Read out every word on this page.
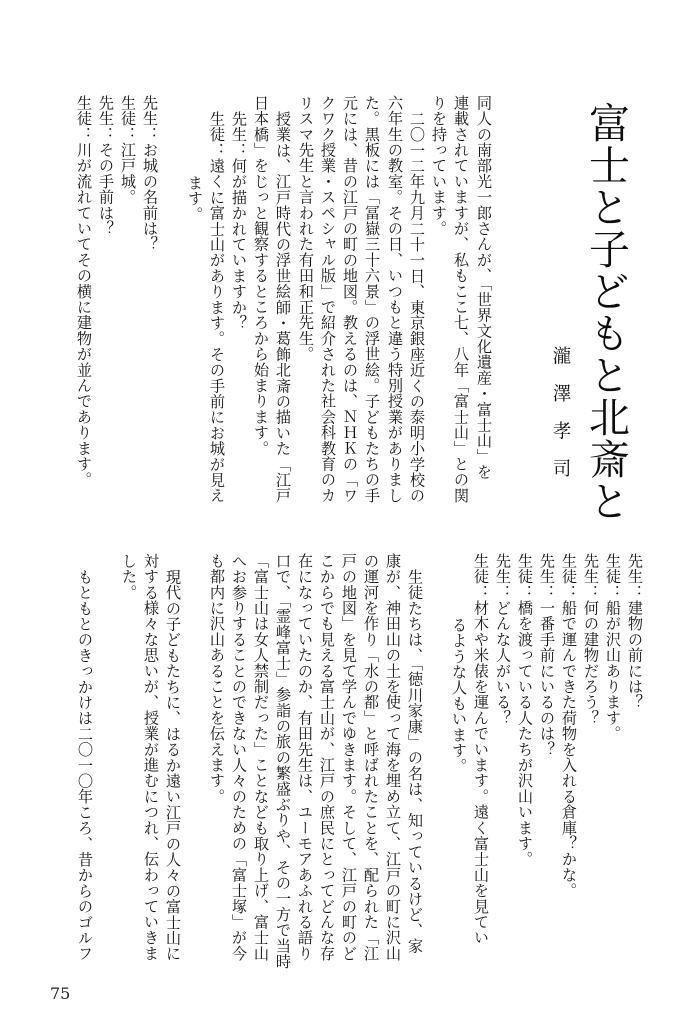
富士と子どもと北斎と
瀧澤孝司
同人の南部光一郎さんが、「世界文化遺産・富士山」を
連載されていますが、私もここ七、八年「富士山」との関
りを持っています。
二〇一二年九月二十一日、東京銀座近くの泰明小学校の
六年生の教室。その日、いつもと違う特別授業がありまし
た。黒板には「冨嶽三十六景」の浮世絵。子どもたちの手
元には、昔の江戸の町の地図。教えるのは、ＮＨＫの「ワ
クワク授業・スペシャル版」で紹介された社会科教育のカ
リスマ先生と言われた有田和正先生。
授業は、江戸時代の浮世絵師・葛飾北斎の描いた「江戸
日本橋」をじっと観察するところから始まります。
先生：何が描かれていますか？
生徒：遠くに富士山があります。その手前にお城が見え
ます。
先生：お城の名前は？
生徒：江戸城。
先生：その手前は？
生徒：川が流れていてその横に建物が並んであります。
先生：建物の前には？
生徒：船が沢山あります。
先生：何の建物だろう？
生徒：船で運んできた荷物を入れる倉庫？かな。
先生：一番手前にいるのは？
生徒：橋を渡っている人たちが沢山います。
先生：どんな人がいる？
生徒：材木や米俵を運んでいます。遠く富士山を見てい
るような人もいます。
生徒たちは、「徳川家康」の名は、知っているけど、家
康が、神田山の土を使って海を埋め立て、江戸の町に沢山
の運河を作り「水の都」と呼ばれたことを、配られた「江
戸の地図」を見て学んでゆきます。そして、江戸の町のど
こからでも見える富士山が、江戸の庶民にとってどんな存
在になっていたのか、有田先生は、ユーモアあふれる語り
口で、「霊峰富士」参詣の旅の繁盛ぶりや、その一方で当時
「富士山は女人禁制だった」ことなども取り上げ、富士山
へお参りすることのできない人々のための「富士塚」が今
も都内に沢山あることを伝えます。
現代の子どもたちに、はるか遠い江戸の人々の富士山に
対する様々な思いが、授業が進むにつれ、伝わっていきま
した。
もともとのきっかけは二〇一〇年ころ、昔からのゴルフ
75
